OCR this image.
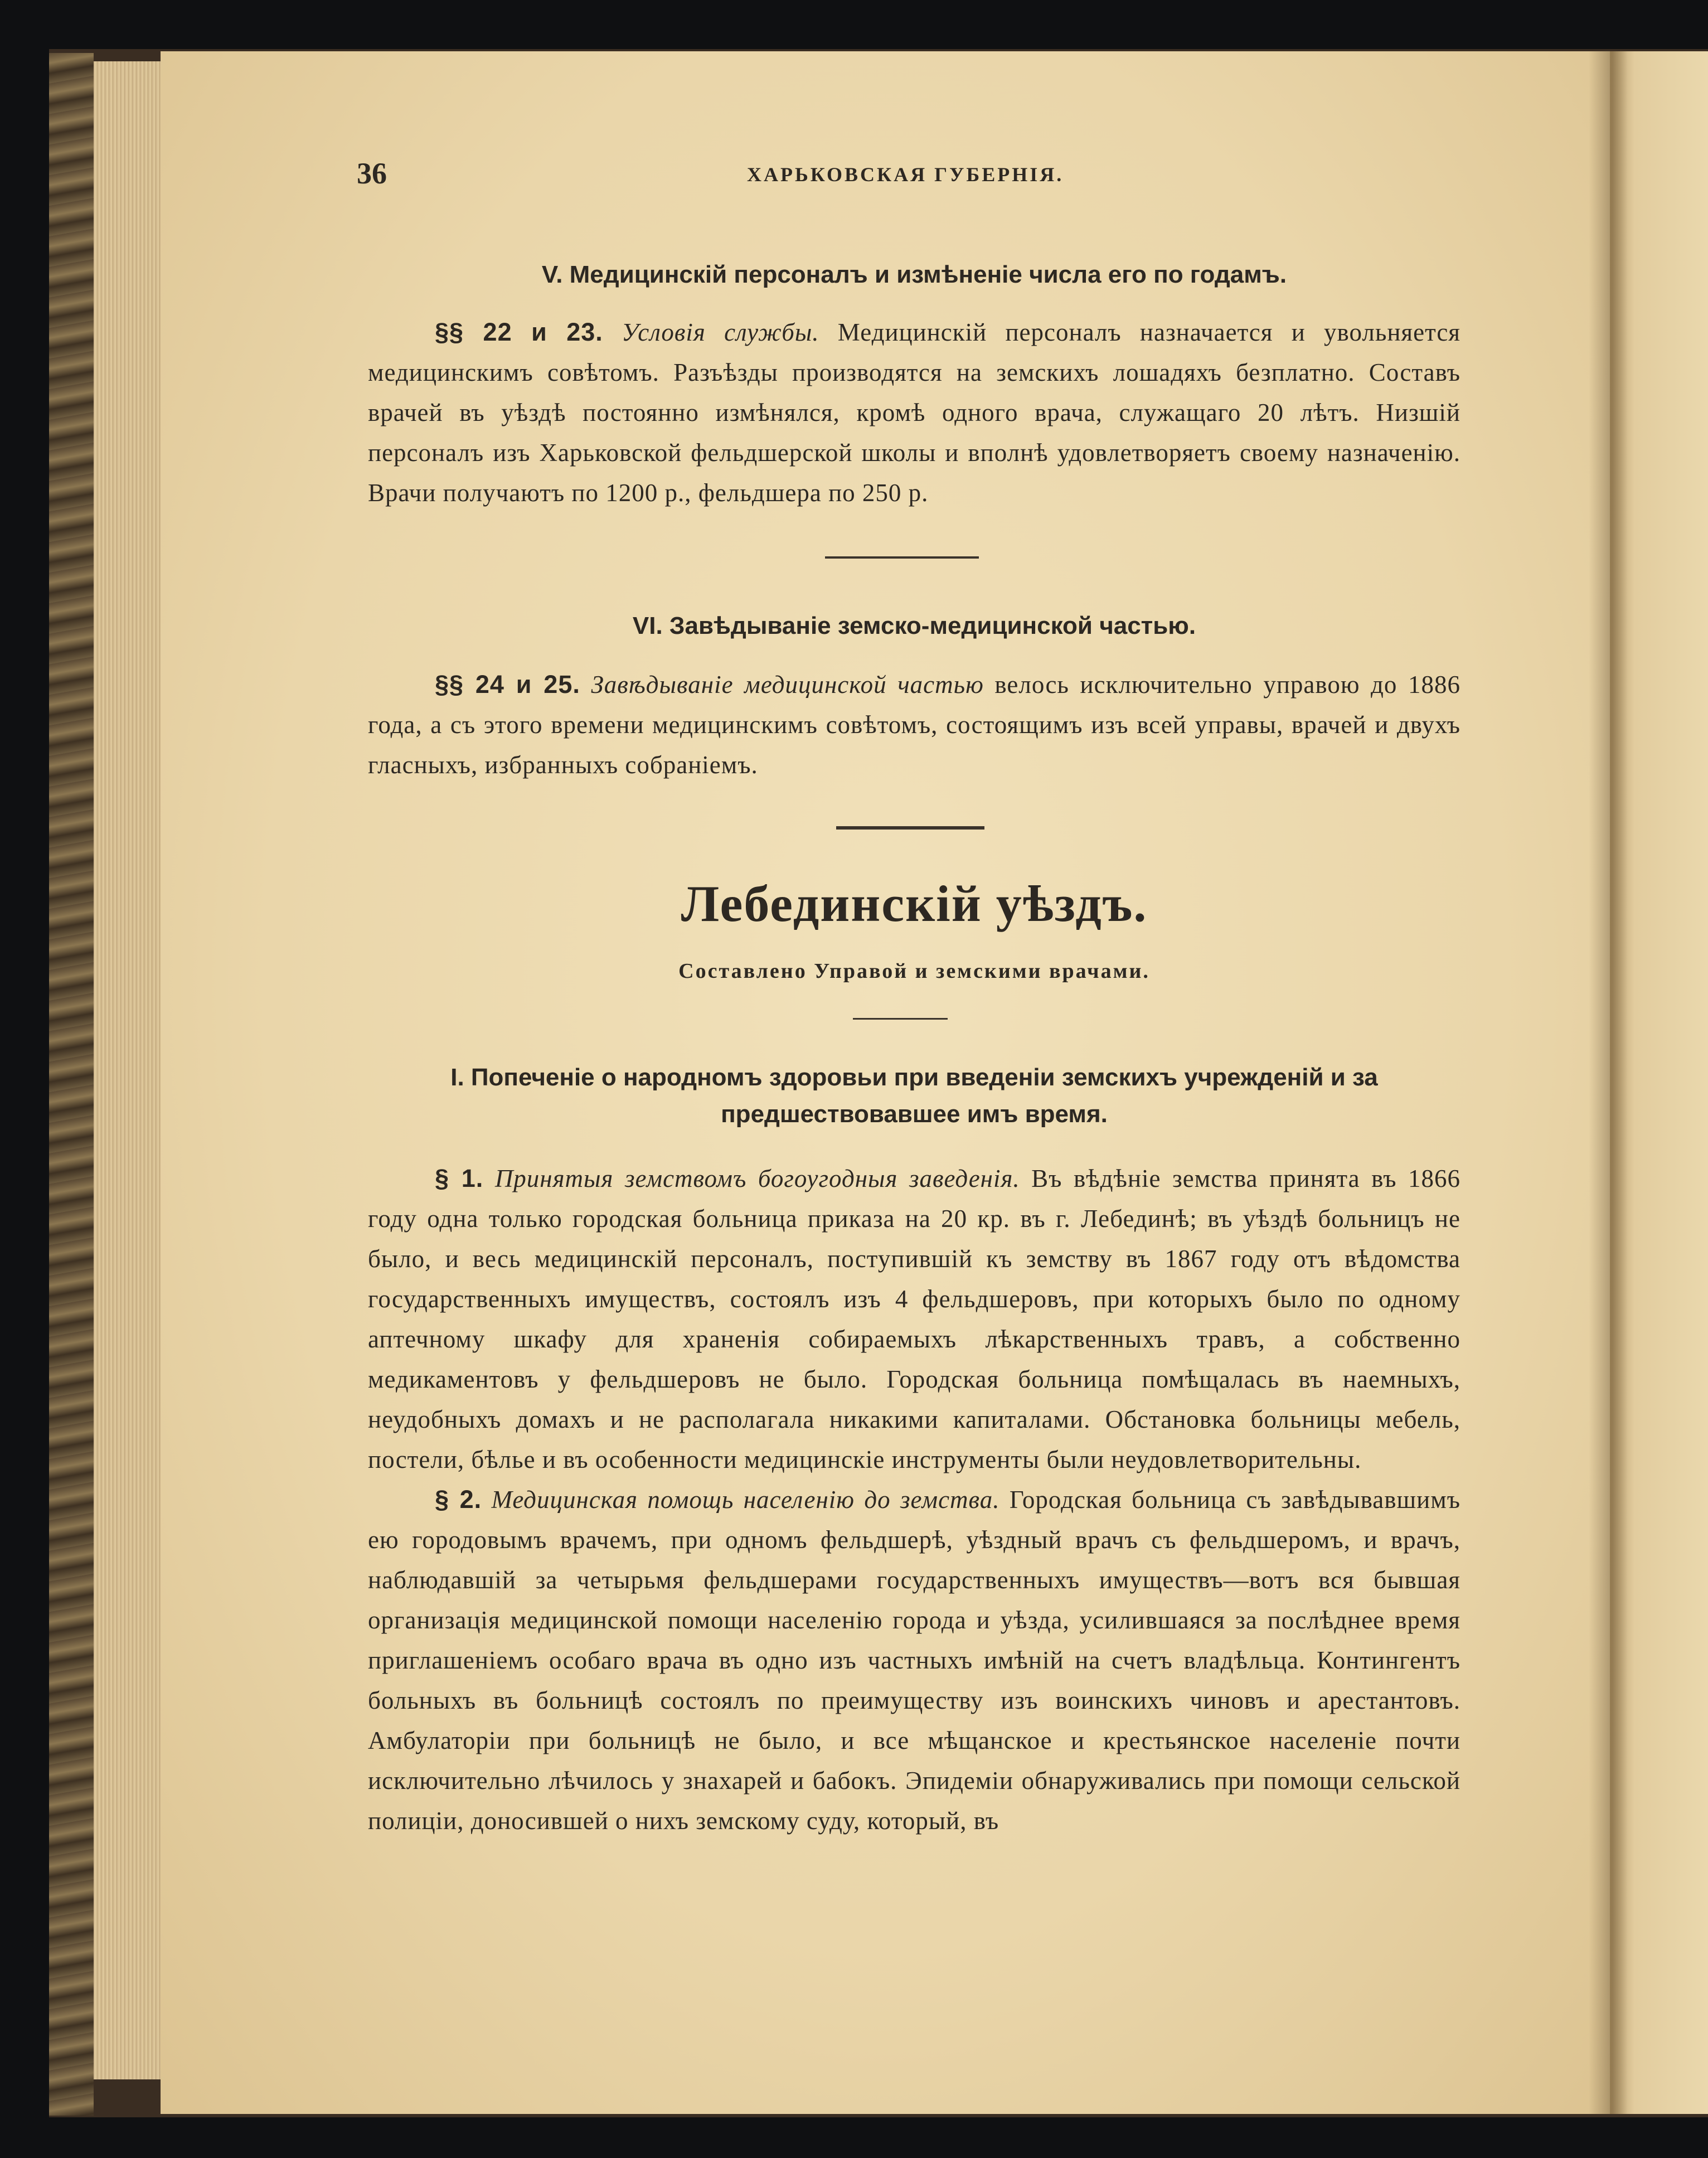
36	ХАРЬКОВСКАЯ ГУБЕРНІЯ.
V. Медицинскій персоналъ и измѣненіе числа его по годамъ.

§§ 22 и 23. Условія службы. Медицинскій персоналъ назначается и увольняется медицинскимъ совѣтомъ. Разъѣзды производятся на земскихъ лошадяхъ безплатно. Составъ врачей въ уѣздѣ постоянно измѣнялся, кромѣ одного врача, служащаго 20 лѣтъ. Низшій персоналъ изъ Харьковской фельдшерской школы и вполнѣ удовлетворяетъ своему назначенію. Врачи получаютъ по 1200 р., фельдшера по 250 р.

VI. Завѣдываніе земско-медицинской частью.

§§ 24 и 25. Завѣдываніе медицинской частью велось исключительно управою до 1886 года, а съ этого времени медицинскимъ совѣтомъ, состоящимъ изъ всей управы, врачей и двухъ гласныхъ, избранныхъ собраніемъ.

Лебединскій уѣздъ.
Составлено Управой и земскими врачами.
I. Попеченіе о народномъ здоровьи при введеніи земскихъ учрежденій и за предшествовавшее имъ время.

§ 1. Принятыя земствомъ богоугодныя заведенія. Въ вѣдѣніе земства принята въ 1866 году одна только городская больница приказа на 20 кр. въ г. Лебединѣ; въ уѣздѣ больницъ не было, и весь медицинскій персоналъ, поступившій къ земству въ 1867 году отъ вѣдомства государственныхъ имуществъ, состоялъ изъ 4 фельдшеровъ, при которыхъ было по одному аптечному шкафу для храненія собираемыхъ лѣкарственныхъ травъ, а собственно медикаментовъ у фельдшеровъ не было. Городская больница помѣщалась въ наемныхъ, неудобныхъ домахъ и не располагала никакими капиталами. Обстановка больницы мебель, постели, бѣлье и въ особенности медицинскіе инструменты были неудовлетворительны.

§ 2. Медицинская помощь населенію до земства. Городская больница съ завѣдывавшимъ ею городовымъ врачемъ, при одномъ фельдшерѣ, уѣздный врачъ съ фельдшеромъ, и врачъ, наблюдавшій за четырьмя фельдшерами государственныхъ имуществъ—вотъ вся бывшая организація медицинской помощи населенію города и уѣзда, усилившаяся за послѣднее время приглашеніемъ особаго врача въ одно изъ частныхъ имѣній на счетъ владѣльца. Контингентъ больныхъ въ больницѣ состоялъ по преимуществу изъ воинскихъ чиновъ и арестантовъ. Амбулаторіи при больницѣ не было, и все мѣщанское и крестьянское населеніе почти исключительно лѣчилось у знахарей и бабокъ. Эпидеміи обнаруживались при помощи сельской полиціи, доносившей о нихъ земскому суду, который, въ
